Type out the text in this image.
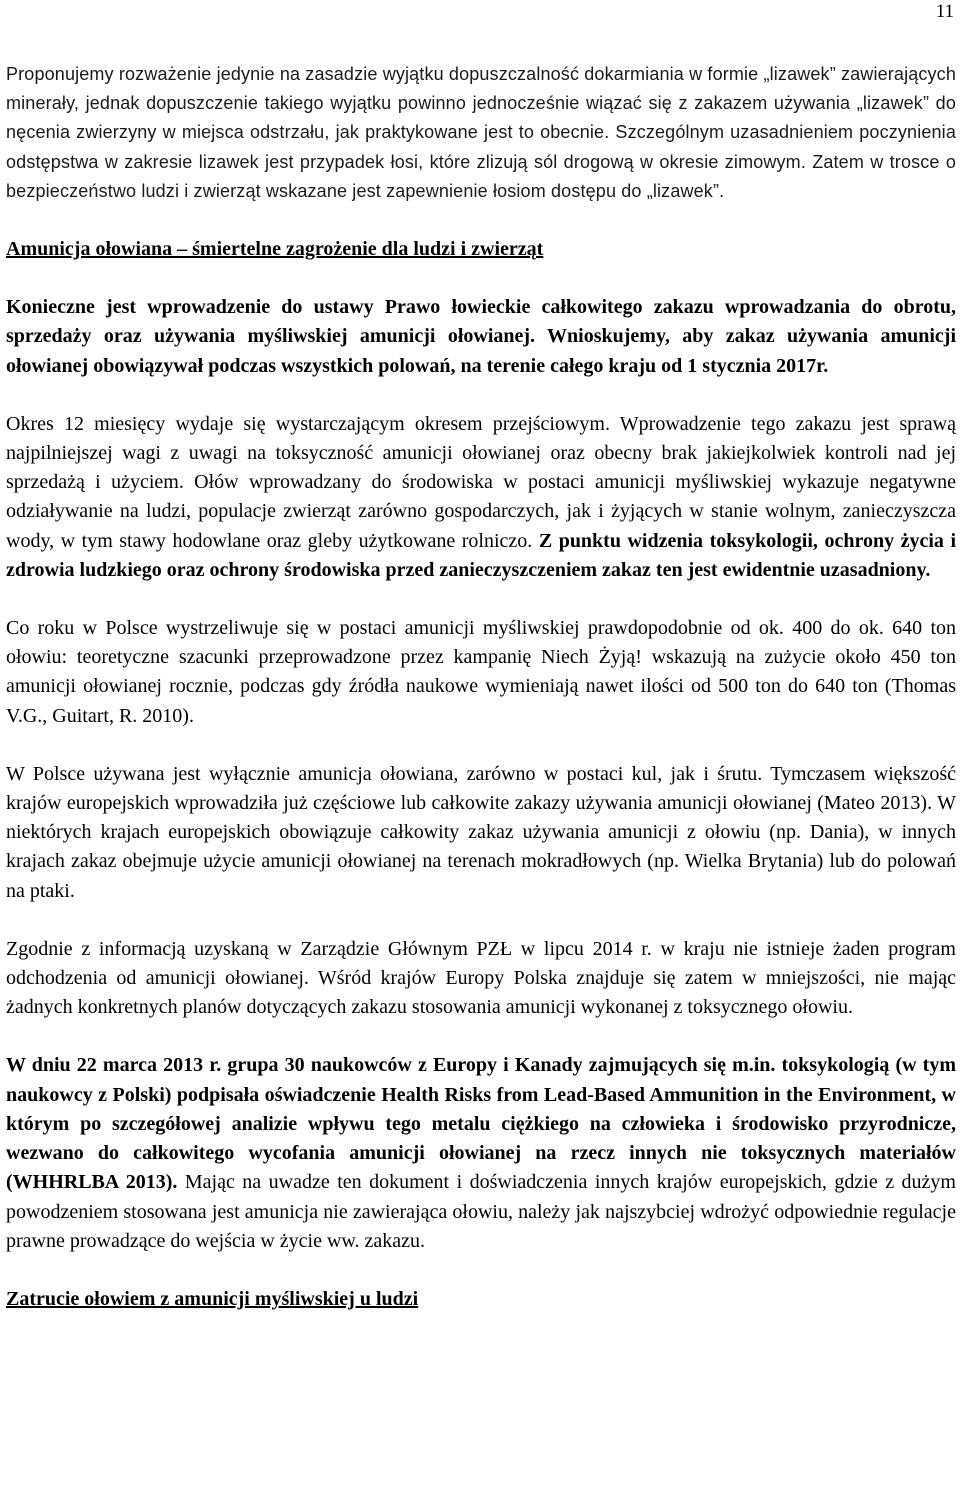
11

Proponujemy rozważenie jedynie na zasadzie wyjątku dopuszczalność dokarmiania w formie „lizawek” zawierających minerały, jednak dopuszczenie takiego wyjątku powinno jednocześnie wiązać się z zakazem używania „lizawek” do nęcenia zwierzyny w miejsca odstrzału, jak praktykowane jest to obecnie. Szczególnym uzasadnieniem poczynienia odstępstwa w zakresie lizawek jest przypadek łosi, które zlizują sól drogową w okresie zimowym. Zatem w trosce o bezpieczeństwo ludzi i zwierząt wskazane jest zapewnienie łosiom dostępu do „lizawek”.

Amunicja ołowiana – śmiertelne zagrożenie dla ludzi i zwierząt

Konieczne jest wprowadzenie do ustawy Prawo łowieckie całkowitego zakazu wprowadzania do obrotu, sprzedaży oraz używania myśliwskiej amunicji ołowianej. Wnioskujemy, aby zakaz używania amunicji ołowianej obowiązywał podczas wszystkich polowań, na terenie całego kraju od 1 stycznia 2017r.

Okres 12 miesięcy wydaje się wystarczającym okresem przejściowym. Wprowadzenie tego zakazu jest sprawą najpilniejszej wagi z uwagi na toksyczność amunicji ołowianej oraz obecny brak jakiejkolwiek kontroli nad jej sprzedażą i użyciem. Ołów wprowadzany do środowiska w postaci amunicji myśliwskiej wykazuje negatywne odziaływanie na ludzi, populacje zwierząt zarówno gospodarczych, jak i żyjących w stanie wolnym, zanieczyszcza wody, w tym stawy hodowlane oraz gleby użytkowane rolniczo. Z punktu widzenia toksykologii, ochrony życia i zdrowia ludzkiego oraz ochrony środowiska przed zanieczyszczeniem zakaz ten jest ewidentnie uzasadniony.

Co roku w Polsce wystrzeliwuje się w postaci amunicji myśliwskiej prawdopodobnie od ok. 400 do ok. 640 ton ołowiu: teoretyczne szacunki przeprowadzone przez kampanię Niech Żyją! wskazują na zużycie około 450 ton amunicji ołowianej rocznie, podczas gdy źródła naukowe wymieniają nawet ilości od 500 ton do 640 ton (Thomas V.G., Guitart, R. 2010).

W Polsce używana jest wyłącznie amunicja ołowiana, zarówno w postaci kul, jak i śrutu. Tymczasem większość krajów europejskich wprowadziła już częściowe lub całkowite zakazy używania amunicji ołowianej (Mateo 2013). W niektórych krajach europejskich obowiązuje całkowity zakaz używania amunicji z ołowiu (np. Dania), w innych krajach zakaz obejmuje użycie amunicji ołowianej na terenach mokradłowych (np. Wielka Brytania) lub do polowań na ptaki.

Zgodnie z informacją uzyskaną w Zarządzie Głównym PZŁ w lipcu 2014 r. w kraju nie istnieje żaden program odchodzenia od amunicji ołowianej. Wśród krajów Europy Polska znajduje się zatem w mniejszości, nie mając żadnych konkretnych planów dotyczących zakazu stosowania amunicji wykonanej z toksycznego ołowiu.

W dniu 22 marca 2013 r. grupa 30 naukowców z Europy i Kanady zajmujących się m.in. toksykologią (w tym naukowcy z Polski) podpisała oświadczenie Health Risks from Lead-Based Ammunition in the Environment, w którym po szczegółowej analizie wpływu tego metalu ciężkiego na człowieka i środowisko przyrodnicze, wezwano do całkowitego wycofania amunicji ołowianej na rzecz innych nie toksycznych materiałów (WHHRLBA 2013). Mając na uwadze ten dokument i doświadczenia innych krajów europejskich, gdzie z dużym powodzeniem stosowana jest amunicja nie zawierająca ołowiu, należy jak najszybciej wdrożyć odpowiednie regulacje prawne prowadzące do wejścia w życie ww. zakazu.

Zatrucie ołowiem z amunicji myśliwskiej u ludzi
